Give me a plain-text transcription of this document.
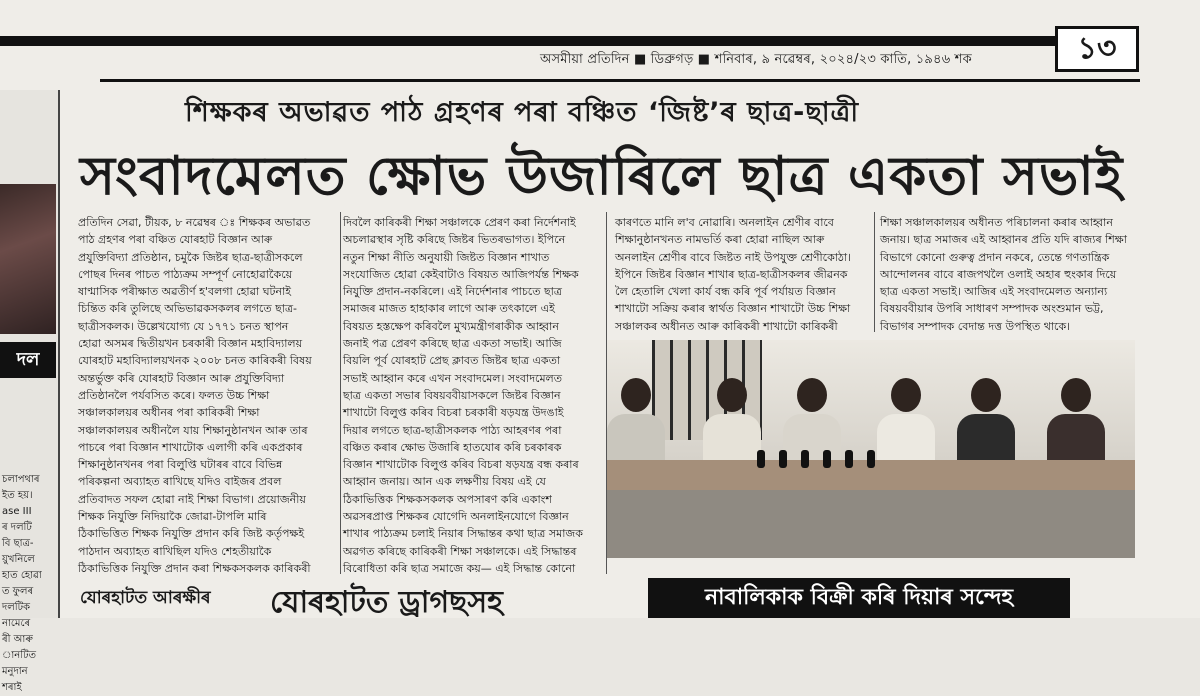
অসমীয়া প্ৰতিদিন ■ ডিব্ৰুগড় ■ শনিবাৰ, ৯ নৱেম্বৰ, ২০২৪/২৩ কাতি, ১৯৪৬ শক	১৩
দল
চলাপথাৰ
ইত হয়।
ase III
ৰ দলটি
বি ছাত্ৰ-
য়ুখনিলে
হাত হোৱা
ত ফুলৰ
দলটিক
নামেৰে
ৰী আৰু
ানটিত
মনুদান
শৰাই
শিক্ষকৰ অভাৱত পাঠ গ্ৰহণৰ পৰা বঞ্চিত ‘জিষ্ট’ৰ ছাত্ৰ-ছাত্ৰী
সংবাদমেলত ক্ষোভ উজাৰিলে ছাত্ৰ একতা সভাই
প্ৰতিদিন সেৱা, টীয়ক, ৮ নৱেম্বৰ ঃ শিক্ষকৰ অভাৱত
পাঠ গ্ৰহণৰ পৰা বঞ্চিত যোৰহাট বিজ্ঞান আৰু
প্ৰযুক্তিবিদ্যা প্ৰতিষ্ঠান, চমুকৈ জিষ্টৰ ছাত্ৰ-ছাত্ৰীসকলে
পোছৰ দিনৰ পাচত পাঠ্যক্ৰম সম্পূৰ্ণ নোহোৱাকৈয়ে
ষাণ্মাসিক পৰীক্ষাত অৱতীৰ্ণ হ'বলগা হোৱা ঘটনাই
চিন্তিত কৰি তুলিছে অভিভাৱকসকলৰ লগতে ছাত্ৰ-
ছাত্ৰীসকলক। উল্লেখযোগ্য যে ১৭৭১ চনত স্থাপন
হোৱা অসমৰ দ্বিতীয়খন চৰকাৰী বিজ্ঞান মহাবিদ্যালয়
যোৰহাট মহাবিদ্যালয়খনক ২০০৮ চনত কাৰিকৰী বিষয়
অন্তৰ্ভুক্ত কৰি যোৰহাট বিজ্ঞান আৰু প্ৰযুক্তিবিদ্যা
প্ৰতিষ্ঠানলৈ পৰ্যবসিত কৰে। ফলত উচ্চ শিক্ষা
সঞ্চালকালয়ৰ অধীনৰ পৰা কাৰিকৰী শিক্ষা
সঞ্চালকালয়ৰ অধীনলৈ যায় শিক্ষানুষ্ঠানখন আৰু তাৰ
পাচৰে পৰা বিজ্ঞান শাখাটোক এলাগী কৰি একপ্ৰকাৰ
শিক্ষানুষ্ঠানখনৰ পৰা বিলুপ্তি ঘটাৰৰ বাবে বিভিন্ন
পৰিকল্পনা অব্যাহত ৰাখিছে যদিও বাইজৰ প্ৰবল
প্ৰতিবাদত সফল হোৱা নাই শিক্ষা বিভাগ। প্ৰয়োজনীয়
শিক্ষক নিযুক্তি নিদিয়াকৈ জোৱা-টাপলি মাৰি
ঠিকাভিত্তিত শিক্ষক নিযুক্তি প্ৰদান কৰি জিষ্ট কৰ্তৃপক্ষই
পাঠদান অব্যাহত ৰাখিছিল যদিও শেহতীয়াকৈ
ঠিকাভিত্তিক নিযুক্তি প্ৰদান কৰা শিক্ষকসকলক কাৰিকৰী
দিবলৈ কাৰিকৰী শিক্ষা সঞ্চালকে প্ৰেৰণ কৰা নিৰ্দেশনাই
অচলাৱস্থাৰ সৃষ্টি কৰিছে জিষ্টৰ ভিতৰভাগত। ইপিনে
নতুন শিক্ষা নীতি অনুযায়ী জিষ্টত বিজ্ঞান শাখাত
সংযোজিত হোৱা কেইবাটাও বিষয়ত আজিপৰ্যন্ত শিক্ষক
নিযুক্তি প্ৰদান-নকৰিলে। এই নিৰ্দেশনাৰ পাচতে ছাত্ৰ
সমাজৰ মাজত হাহাকাৰ লাগে আৰু তৎকালে এই
বিষয়ত হস্তক্ষেপ কৰিবলৈ মুখ্যমন্ত্ৰীগৰাকীক আহ্বান
জনাই পত্ৰ প্ৰেৰণ কৰিছে ছাত্ৰ একতা সভাই। আজি
বিয়লি পূৰ্ব যোৰহাট প্ৰেছ ক্লাবত জিষ্টৰ ছাত্ৰ একতা
সভাই আহ্বান কৰে এখন সংবাদমেল। সংবাদমেলত
ছাত্ৰ একতা সভাৰ বিষয়ববীয়াসকলে জিষ্টৰ বিজ্ঞান
শাখাটো বিলুপ্ত কৰিব বিচৰা চৰকাৰী ষড়যন্ত্ৰ উদঙাই
দিয়াৰ লগতে ছাত্ৰ-ছাত্ৰীসকলক পাঠ্য আহৰণৰ পৰা
বঞ্চিত কৰাৰ ক্ষোভ উজাৰি হাতযোৰ কৰি চৰকাৰক
বিজ্ঞান শাখাটোক বিলুপ্ত কৰিব বিচৰা ষড়যন্ত্ৰ বন্ধ কৰাৰ
আহ্বান জনায়। আন এক লক্ষণীয় বিষয় এই যে
ঠিকাভিত্তিক শিক্ষকসকলক অপসাৰণ কৰি একাংশ
অৱসৰপ্ৰাপ্ত শিক্ষকৰ যোগেদি অনলাইনযোগে বিজ্ঞান
শাখাৰ পাঠ্যক্ৰম চলাই নিয়াৰ সিদ্ধান্তৰ কথা ছাত্ৰ সমাজক
অৱগত কৰিছে কাৰিকৰী শিক্ষা সঞ্চালকে। এই সিদ্ধান্তৰ
বিৰোধিতা কৰি ছাত্ৰ সমাজে কয়— এই সিদ্ধান্ত কোনো
কাৰণতে মানি ল'ব নোৱাৰি। অনলাইন শ্ৰেণীৰ বাবে
শিক্ষানুষ্ঠানখনত নামভৰ্তি কৰা হোৱা নাছিল আৰু
অনলাইন শ্ৰেণীৰ বাবে জিষ্টত নাই উপযুক্ত শ্ৰেণীকোঠা।
ইপিনে জিষ্টৰ বিজ্ঞান শাখাৰ ছাত্ৰ-ছাত্ৰীসকলৰ জীৱনক
লৈ হেতালি খেলা কাৰ্য বন্ধ কৰি পূৰ্ব পৰ্যায়ত বিজ্ঞান
শাখাটো সক্ৰিয় কৰাৰ স্বাৰ্থত বিজ্ঞান শাখাটো উচ্চ শিক্ষা
সঞ্চালকৰ অধীনত আৰু কাৰিকৰী শাখাটো কাৰিকৰী
শিক্ষা সঞ্চালকালয়ৰ অধীনত পৰিচালনা কৰাৰ আহ্বান
জনায়। ছাত্ৰ সমাজৰ এই আহ্বানৰ প্ৰতি যদি ৰাজ্যৰ শিক্ষা
বিভাগে কোনো গুৰুত্ব প্ৰদান নকৰে, তেন্তে গণতান্ত্ৰিক
আন্দোলনৰ বাবে ৰাজপথলৈ ওলাই অহাৰ হুংকাৰ দিয়ে
ছাত্ৰ একতা সভাই। আজিৰ এই সংবাদমেলত অন্যান্য
বিষয়ববীয়াৰ উপৰি সাধাৰণ সম্পাদক অংশুমান ভট্ট,
বিভাগৰ সম্পাদক বেদান্ত দত্ত উপস্থিত থাকে।
যোৰহাটত আৰক্ষীৰ যোৰহাটত ড্ৰাগছসহ	নাবালিকাক বিক্ৰী কৰি দিয়াৰ সন্দেহ
